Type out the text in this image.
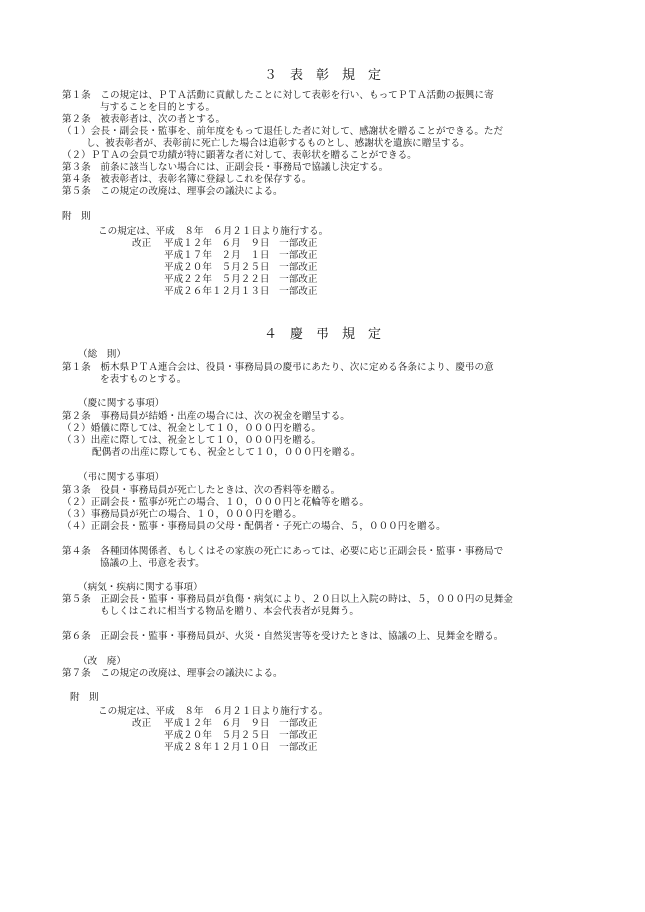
３　表　彰　規　定
第１条　この規定は、ＰＴＡ活動に貢献したことに対して表彰を行い、もってＰＴＡ活動の振興に寄
与することを目的とする。
第２条　被表彰者は、次の者とする。
（１）会長・副会長・監事を、前年度をもって退任した者に対して、感謝状を贈ることができる。ただ
し、被表彰者が、表彰前に死亡した場合は追彰するものとし、感謝状を遺族に贈呈する。
（２）ＰＴＡの会員で功績が特に顕著な者に対して、表彰状を贈ることができる。
第３条　前条に該当しない場合には、正副会長・事務局で協議し決定する。
第４条　被表彰者は、表彰名簿に登録しこれを保存する。
第５条　この規定の改廃は、理事会の議決による。
附　則
この規定は、平成　８年　６月２１日より施行する。
改正 平成１２年　６月　９日　一部改正
平成１７年　２月　１日　一部改正
平成２０年　５月２５日　一部改正
平成２２年　５月２２日　一部改正
平成２６年１２月１３日　一部改正
４　慶　弔　規　定
（総　則）
第１条　栃木県ＰＴＡ連合会は、役員・事務局員の慶弔にあたり、次に定める各条により、慶弔の意
を表すものとする。
（慶に関する事項）
第２条　事務局員が結婚・出産の場合には、次の祝金を贈呈する。
（２）婚儀に際しては、祝金として１０，０００円を贈る。
（３）出産に際しては、祝金として１０，０００円を贈る。
配偶者の出産に際しても、祝金として１０，０００円を贈る。
（弔に関する事項）
第３条　役員・事務局員が死亡したときは、次の香料等を贈る。
（２）正副会長・監事が死亡の場合、１０，０００円と花輪等を贈る。
（３）事務局員が死亡の場合、１０，０００円を贈る。
（４）正副会長・監事・事務局員の父母・配偶者・子死亡の場合、５，０００円を贈る。
第４条　各種団体関係者、もしくはその家族の死亡にあっては、必要に応じ正副会長・監事・事務局で
協議の上、弔意を表す。
（病気・疾病に関する事項）
第５条　正副会長・監事・事務局員が負傷・病気により、２０日以上入院の時は、５，０００円の見舞金
もしくはこれに相当する物品を贈り、本会代表者が見舞う。
第６条　正副会長・監事・事務局員が、火災・自然災害等を受けたときは、協議の上、見舞金を贈る。
（改　廃）
第７条　この規定の改廃は、理事会の議決による。
附　則
この規定は、平成　８年　６月２１日より施行する。
改正 平成１２年　６月　９日　一部改正
平成２０年　５月２５日　一部改正
平成２８年１２月１０日　一部改正
